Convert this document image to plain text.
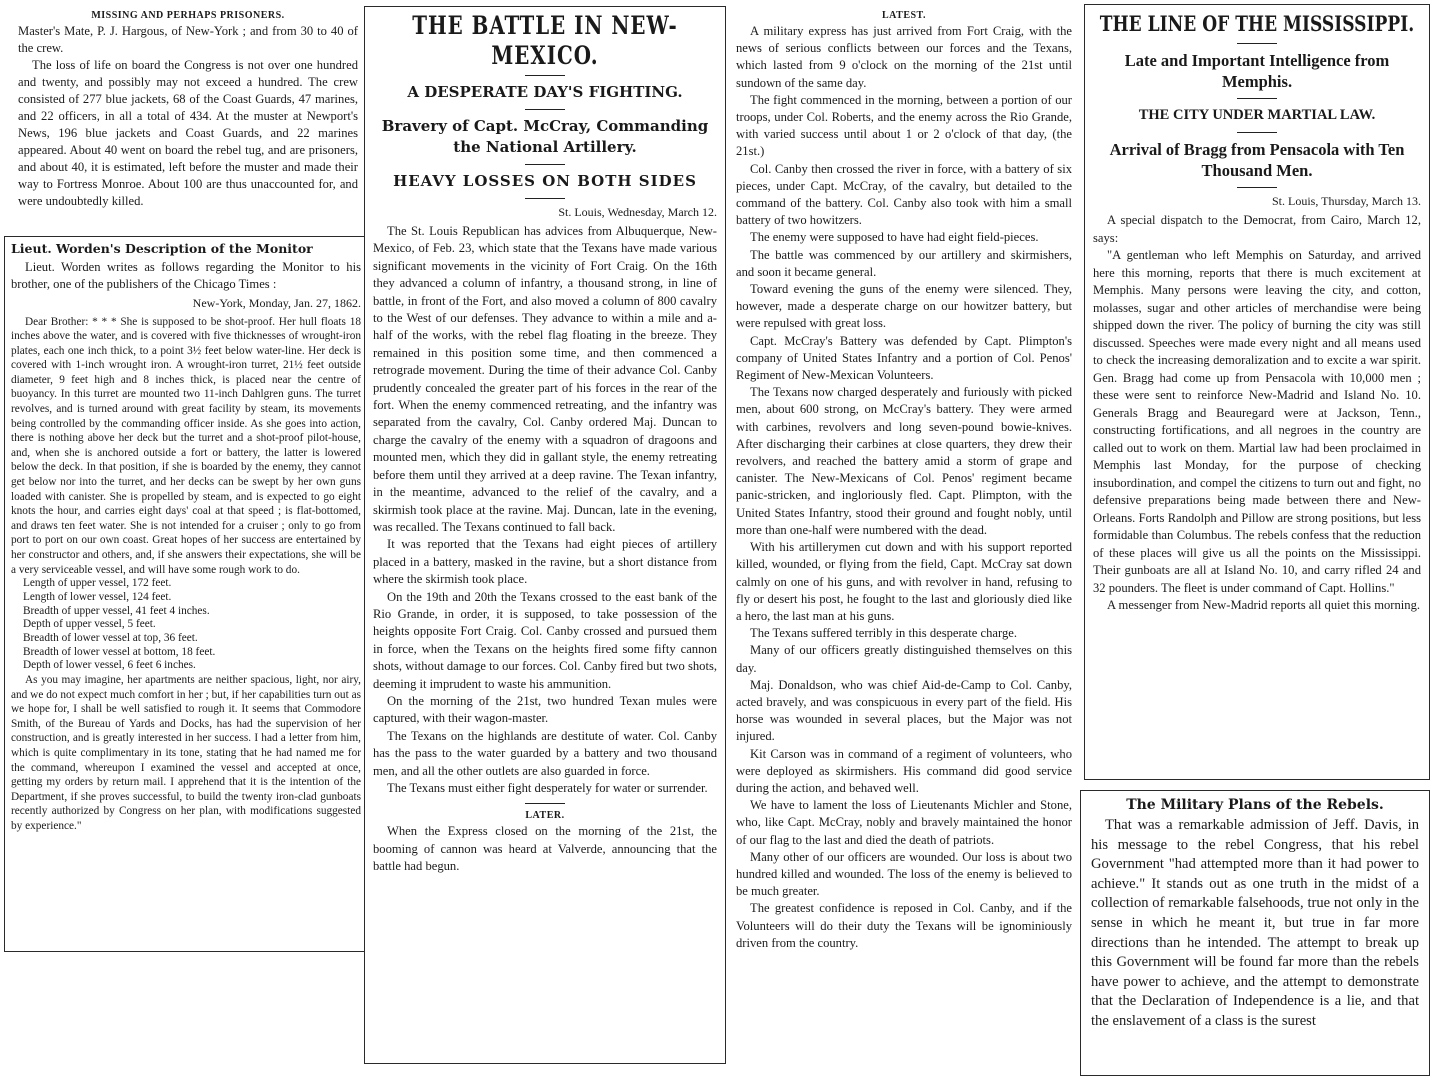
MISSING AND PERHAPS PRISONERS.

Master's Mate, P. J. Hargous, of New-York ; and from 30 to 40 of the crew.

The loss of life on board the Congress is not over one hundred and twenty, and possibly may not exceed a hundred. The crew consisted of 277 blue jackets, 68 of the Coast Guards, 47 marines, and 22 officers, in all a total of 434. At the muster at Newport's News, 196 blue jackets and Coast Guards, and 22 marines appeared. About 40 went on board the rebel tug, and are prisoners, and about 40, it is estimated, left before the muster and made their way to Fortress Monroe. About 100 are thus unaccounted for, and were undoubtedly killed.

Lieut. Worden's Description of the Monitor

Lieut. Worden writes as follows regarding the Monitor to his brother, one of the publishers of the Chicago Times :

New-York, Monday, Jan. 27, 1862.

Dear Brother: * * * She is supposed to be shot-proof. Her hull floats 18 inches above the water, and is covered with five thicknesses of wrought-iron plates, each one inch thick, to a point 3½ feet below water-line. Her deck is covered with 1-inch wrought iron. A wrought-iron turret, 21½ feet outside diameter, 9 feet high and 8 inches thick, is placed near the centre of buoyancy. In this turret are mounted two 11-inch Dahlgren guns. The turret revolves, and is turned around with great facility by steam, its movements being controlled by the commanding officer inside. As she goes into action, there is nothing above her deck but the turret and a shot-proof pilot-house, and, when she is anchored outside a fort or battery, the latter is lowered below the deck. In that position, if she is boarded by the enemy, they cannot get below nor into the turret, and her decks can be swept by her own guns loaded with canister. She is propelled by steam, and is expected to go eight knots the hour, and carries eight days' coal at that speed ; is flat-bottomed, and draws ten feet water. She is not intended for a cruiser ; only to go from port to port on our own coast. Great hopes of her success are entertained by her constructor and others, and, if she answers their expectations, she will be a very serviceable vessel, and will have some rough work to do.

Length of upper vessel, 172 feet.
Length of lower vessel, 124 feet.
Breadth of upper vessel, 41 feet 4 inches.
Depth of upper vessel, 5 feet.
Breadth of lower vessel at top, 36 feet.
Breadth of lower vessel at bottom, 18 feet.
Depth of lower vessel, 6 feet 6 inches.

As you may imagine, her apartments are neither spacious, light, nor airy, and we do not expect much comfort in her ; but, if her capabilities turn out as we hope for, I shall be well satisfied to rough it. It seems that Commodore Smith, of the Bureau of Yards and Docks, has had the supervision of her construction, and is greatly interested in her success. I had a letter from him, which is quite complimentary in its tone, stating that he had named me for the command, whereupon I examined the vessel and accepted at once, getting my orders by return mail. I apprehend that it is the intention of the Department, if she proves successful, to build the twenty iron-clad gunboats recently authorized by Congress on her plan, with modifications suggested by experience."

THE BATTLE IN NEW-MEXICO.
A DESPERATE DAY'S FIGHTING.
Bravery of Capt. McCray, Commanding the National Artillery.
HEAVY LOSSES ON BOTH SIDES
St. Louis, Wednesday, March 12.

The St. Louis Republican has advices from Albuquerque, New-Mexico, of Feb. 23, which state that the Texans have made various significant movements in the vicinity of Fort Craig. On the 16th they advanced a column of infantry, a thousand strong, in line of battle, in front of the Fort, and also moved a column of 800 cavalry to the West of our defenses. They advance to within a mile and a-half of the works, with the rebel flag floating in the breeze. They remained in this position some time, and then commenced a retrograde movement. During the time of their advance Col. Canby prudently concealed the greater part of his forces in the rear of the fort. When the enemy commenced retreating, and the infantry was separated from the cavalry, Col. Canby ordered Maj. Duncan to charge the cavalry of the enemy with a squadron of dragoons and mounted men, which they did in gallant style, the enemy retreating before them until they arrived at a deep ravine. The Texan infantry, in the meantime, advanced to the relief of the cavalry, and a skirmish took place at the ravine. Maj. Duncan, late in the evening, was recalled. The Texans continued to fall back.

It was reported that the Texans had eight pieces of artillery placed in a battery, masked in the ravine, but a short distance from where the skirmish took place.

On the 19th and 20th the Texans crossed to the east bank of the Rio Grande, in order, it is supposed, to take possession of the heights opposite Fort Craig. Col. Canby crossed and pursued them in force, when the Texans on the heights fired some fifty cannon shots, without damage to our forces. Col. Canby fired but two shots, deeming it imprudent to waste his ammunition.

On the morning of the 21st, two hundred Texan mules were captured, with their wagon-master.

The Texans on the highlands are destitute of water. Col. Canby has the pass to the water guarded by a battery and two thousand men, and all the other outlets are also guarded in force.

The Texans must either fight desperately for water or surrender.

LATER.

When the Express closed on the morning of the 21st, the booming of cannon was heard at Valverde, announcing that the battle had begun.

LATEST.

A military express has just arrived from Fort Craig, with the news of serious conflicts between our forces and the Texans, which lasted from 9 o'clock on the morning of the 21st until sundown of the same day.

The fight commenced in the morning, between a portion of our troops, under Col. Roberts, and the enemy across the Rio Grande, with varied success until about 1 or 2 o'clock of that day, (the 21st.)

Col. Canby then crossed the river in force, with a battery of six pieces, under Capt. McCray, of the cavalry, but detailed to the command of the battery. Col. Canby also took with him a small battery of two howitzers.

The enemy were supposed to have had eight field-pieces.

The battle was commenced by our artillery and skirmishers, and soon it became general.

Toward evening the guns of the enemy were silenced. They, however, made a desperate charge on our howitzer battery, but were repulsed with great loss.

Capt. McCray's Battery was defended by Capt. Plimpton's company of United States Infantry and a portion of Col. Penos' Regiment of New-Mexican Volunteers.

The Texans now charged desperately and furiously with picked men, about 600 strong, on McCray's battery. They were armed with carbines, revolvers and long seven-pound bowie-knives. After discharging their carbines at close quarters, they drew their revolvers, and reached the battery amid a storm of grape and canister. The New-Mexicans of Col. Penos' regiment became panic-stricken, and ingloriously fled. Capt. Plimpton, with the United States Infantry, stood their ground and fought nobly, until more than one-half were numbered with the dead.

With his artillerymen cut down and with his support reported killed, wounded, or flying from the field, Capt. McCray sat down calmly on one of his guns, and with revolver in hand, refusing to fly or desert his post, he fought to the last and gloriously died like a hero, the last man at his guns.

The Texans suffered terribly in this desperate charge.

Many of our officers greatly distinguished themselves on this day.

Maj. Donaldson, who was chief Aid-de-Camp to Col. Canby, acted bravely, and was conspicuous in every part of the field. His horse was wounded in several places, but the Major was not injured.

Kit Carson was in command of a regiment of volunteers, who were deployed as skirmishers. His command did good service during the action, and behaved well.

We have to lament the loss of Lieutenants Michler and Stone, who, like Capt. McCray, nobly and bravely maintained the honor of our flag to the last and died the death of patriots.

Many other of our officers are wounded. Our loss is about two hundred killed and wounded. The loss of the enemy is believed to be much greater.

The greatest confidence is reposed in Col. Canby, and if the Volunteers will do their duty the Texans will be ignominiously driven from the country.

THE LINE OF THE MISSISSIPPI.
Late and Important Intelligence from Memphis.
THE CITY UNDER MARTIAL LAW.
Arrival of Bragg from Pensacola with Ten Thousand Men.
St. Louis, Thursday, March 13.

A special dispatch to the Democrat, from Cairo, March 12, says:

"A gentleman who left Memphis on Saturday, and arrived here this morning, reports that there is much excitement at Memphis. Many persons were leaving the city, and cotton, molasses, sugar and other articles of merchandise were being shipped down the river. The policy of burning the city was still discussed. Speeches were made every night and all means used to check the increasing demoralization and to excite a war spirit. Gen. Bragg had come up from Pensacola with 10,000 men ; these were sent to reinforce New-Madrid and Island No. 10. Generals Bragg and Beauregard were at Jackson, Tenn., constructing fortifications, and all negroes in the country are called out to work on them. Martial law had been proclaimed in Memphis last Monday, for the purpose of checking insubordination, and compel the citizens to turn out and fight, no defensive preparations being made between there and New-Orleans. Forts Randolph and Pillow are strong positions, but less formidable than Columbus. The rebels confess that the reduction of these places will give us all the points on the Mississippi. Their gunboats are all at Island No. 10, and carry rifled 24 and 32 pounders. The fleet is under command of Capt. Hollins."

A messenger from New-Madrid reports all quiet this morning.

The Military Plans of the Rebels.

That was a remarkable admission of Jeff. Davis, in his message to the rebel Congress, that his rebel Government "had attempted more than it had power to achieve." It stands out as one truth in the midst of a collection of remarkable falsehoods, true not only in the sense in which he meant it, but true in far more directions than he intended. The attempt to break up this Government will be found far more than the rebels have power to achieve, and the attempt to demonstrate that the Declaration of Independence is a lie, and that the enslavement of a class is the surest
